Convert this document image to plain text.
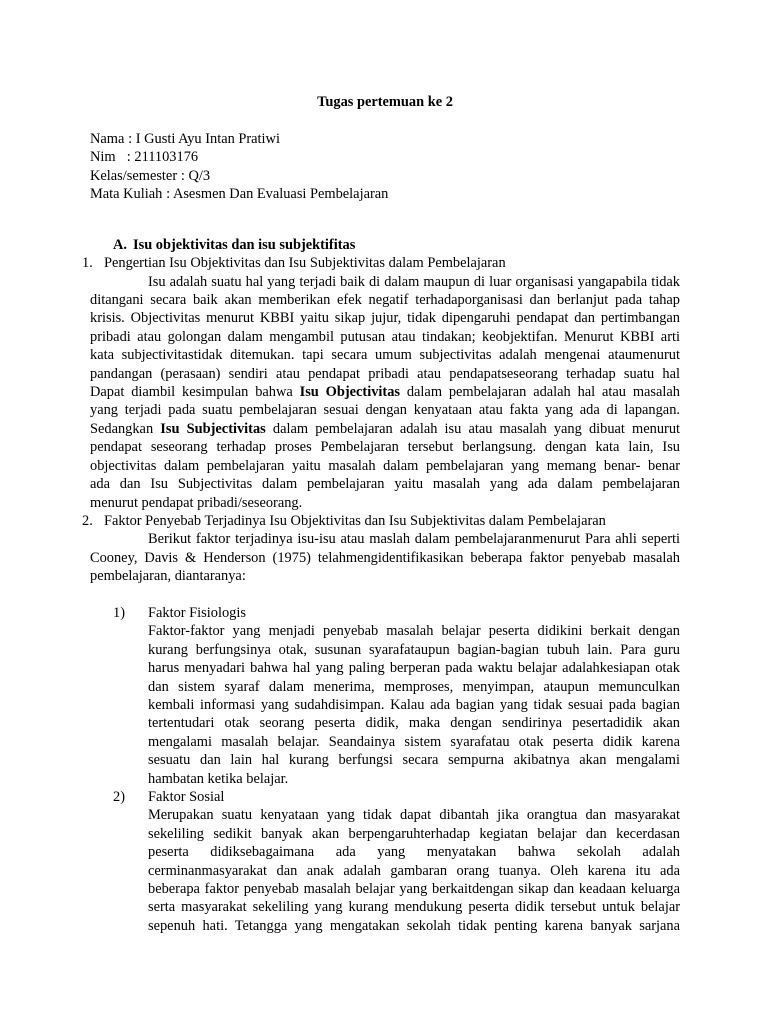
Tugas pertemuan ke 2
Nama : I Gusti Ayu Intan Pratiwi
Nim : 211103176
Kelas/semester : Q/3
Mata Kuliah : Asesmen Dan Evaluasi Pembelajaran
A. Isu objektivitas dan isu subjektifitas
1. Pengertian Isu Objektivitas dan Isu Subjektivitas dalam Pembelajaran
Isu adalah suatu hal yang terjadi baik di dalam maupun di luar organisasi yangapabila tidak
ditangani secara baik akan memberikan efek negatif terhadaporganisasi dan berlanjut pada tahap
krisis. Objectivitas menurut KBBI yaitu sikap jujur, tidak dipengaruhi pendapat dan pertimbangan
pribadi atau golongan dalam mengambil putusan atau tindakan; keobjektifan. Menurut KBBI arti
kata subjectivitastidak ditemukan. tapi secara umum subjectivitas adalah mengenai ataumenurut
pandangan (perasaan) sendiri atau pendapat pribadi atau pendapatseseorang terhadap suatu hal
Dapat diambil kesimpulan bahwa Isu Objectivitas dalam pembelajaran adalah hal atau masalah
yang terjadi pada suatu pembelajaran sesuai dengan kenyataan atau fakta yang ada di lapangan.
Sedangkan Isu Subjectivitas dalam pembelajaran adalah isu atau masalah yang dibuat menurut
pendapat seseorang terhadap proses Pembelajaran tersebut berlangsung. dengan kata lain, Isu
objectivitas dalam pembelajaran yaitu masalah dalam pembelajaran yang memang benar- benar
ada dan Isu Subjectivitas dalam pembelajaran yaitu masalah yang ada dalam pembelajaran
menurut pendapat pribadi/seseorang.
2. Faktor Penyebab Terjadinya Isu Objektivitas dan Isu Subjektivitas dalam Pembelajaran
Berikut faktor terjadinya isu-isu atau maslah dalam pembelajaranmenurut Para ahli seperti
Cooney, Davis & Henderson (1975) telahmengidentifikasikan beberapa faktor penyebab masalah
pembelajaran, diantaranya:
1) Faktor Fisiologis
Faktor-faktor yang menjadi penyebab masalah belajar peserta didikini berkait dengan
kurang berfungsinya otak, susunan syarafataupun bagian-bagian tubuh lain. Para guru
harus menyadari bahwa hal yang paling berperan pada waktu belajar adalahkesiapan otak
dan sistem syaraf dalam menerima, memproses, menyimpan, ataupun memunculkan
kembali informasi yang sudahdisimpan. Kalau ada bagian yang tidak sesuai pada bagian
tertentudari otak seorang peserta didik, maka dengan sendirinya pesertadidik akan
mengalami masalah belajar. Seandainya sistem syarafatau otak peserta didik karena
sesuatu dan lain hal kurang berfungsi secara sempurna akibatnya akan mengalami
hambatan ketika belajar.
2) Faktor Sosial
Merupakan suatu kenyataan yang tidak dapat dibantah jika orangtua dan masyarakat
sekeliling sedikit banyak akan berpengaruhterhadap kegiatan belajar dan kecerdasan
peserta didiksebagaimana ada yang menyatakan bahwa sekolah adalah
cerminanmasyarakat dan anak adalah gambaran orang tuanya. Oleh karena itu ada
beberapa faktor penyebab masalah belajar yang berkaitdengan sikap dan keadaan keluarga
serta masyarakat sekeliling yang kurang mendukung peserta didik tersebut untuk belajar
sepenuh hati. Tetangga yang mengatakan sekolah tidak penting karena banyak sarjana
